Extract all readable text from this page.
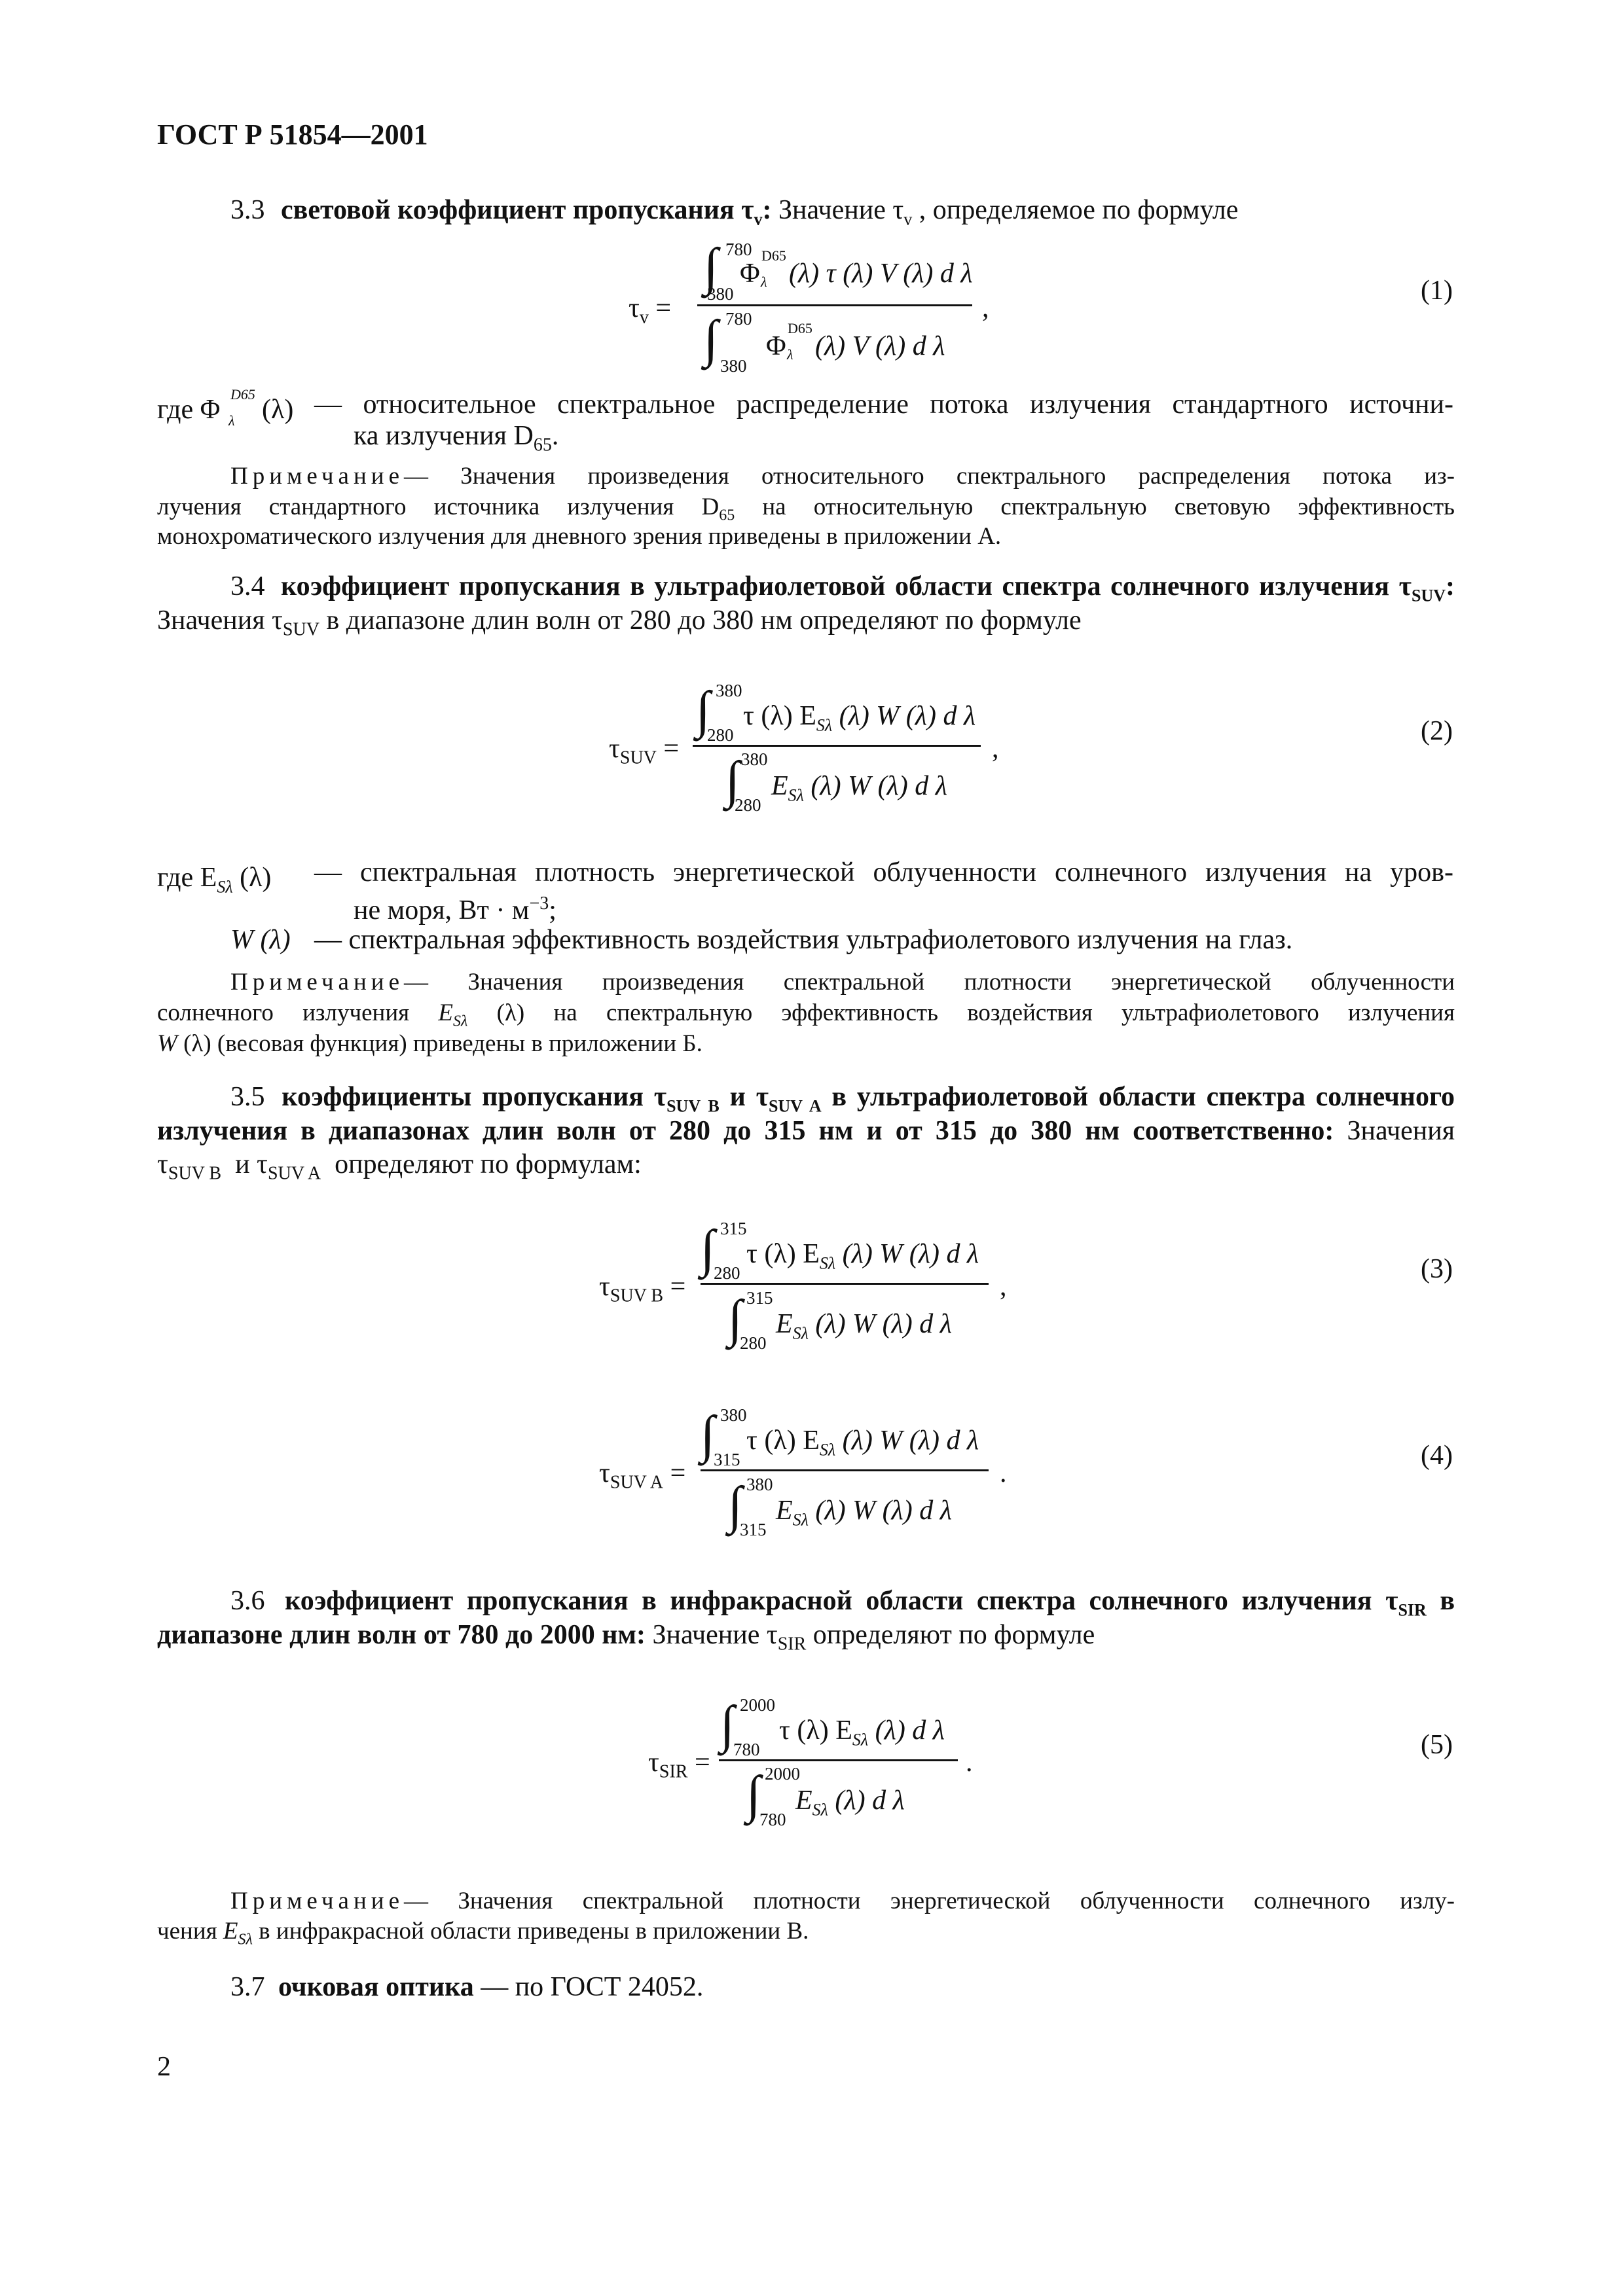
ГОСТ Р 51854—2001
3.3 световой коэффициент пропускания $\tau_v$: Значение $\tau_v$ , определяемое по формуле
$\tau_v$ =
∫ 780
380
Φ
D65
λ (λ) τ (λ) V (λ) d λ
∫ 780
380
Φ
D65
λ (λ) V (λ) d λ
,
(1)
где Φ
D65
λ (λ) — относительное спектральное распределение потока излучения стандартного источни-
ка излучения $D_{65}$.
Примечание— Значения произведения относительного спектрального распределения потока из-
лучения стандартного источника излучения $D_{65}$ на относительную спектральную световую эффективность
монохроматического излучения для дневного зрения приведены в приложении А.
3.4 коэффициент пропускания в ультрафиолетовой области спектра солнечного излучения $\tau_{SUV}$:
Значения $\tau_{SUV}$ в диапазоне длин волн от 280 до 380 нм определяют по формуле
$\tau_{SUV}$ =
∫ 380
280
τ (λ) $E_{S\lambda}$ (λ) W (λ) d λ
∫ 380
280
$E_{S\lambda}$ (λ) W (λ) d λ
,
(2)
где $E_{S\lambda}$ (λ) — спектральная плотность энергетической облученности солнечного излучения на уров-
не моря, Вт · $м^{-3}$;
W (λ) — спектральная эффективность воздействия ультрафиолетового излучения на глаз.
Примечание— Значения произведения спектральной плотности энергетической облученности
солнечного излучения $E_{S\lambda}$ (λ) на спектральную эффективность воздействия ультрафиолетового излучения
W (λ) (весовая функция) приведены в приложении Б.
3.5 коэффициенты пропускания $\tau_{SUV B}$ и $\tau_{SUV A}$ в ультрафиолетовой области спектра солнечного
излучения в диапазонах длин волн от 280 до 315 нм и от 315 до 380 нм соответственно: Значения
$\tau_{SUV B}$ и $\tau_{SUV A}$ определяют по формулам:
$\tau_{SUV B}$ =
∫ 315
280
τ (λ) $E_{S\lambda}$ (λ) W (λ) d λ
∫ 315
280
$E_{S\lambda}$ (λ) W (λ) d λ
,
(3)
$\tau_{SUV A}$ =
∫ 380
315
τ (λ) $E_{S\lambda}$ (λ) W (λ) d λ
∫ 380
315
$E_{S\lambda}$ (λ) W (λ) d λ
.
(4)
3.6 коэффициент пропускания в инфракрасной области спектра солнечного излучения $\tau_{SIR}$ в
диапазоне длин волн от 780 до 2000 нм: Значение $\tau_{SIR}$ определяют по формуле
$\tau_{SIR}$ =
∫ 2000
780
τ (λ) $E_{S\lambda}$ (λ) d λ
∫ 2000
780
$E_{S\lambda}$ (λ) d λ
.
(5)
Примечание— Значения спектральной плотности энергетической облученности солнечного излу-
чения $E_{S\lambda}$ в инфракрасной области приведены в приложении В.
3.7 очковая оптика — по ГОСТ 24052.
2
